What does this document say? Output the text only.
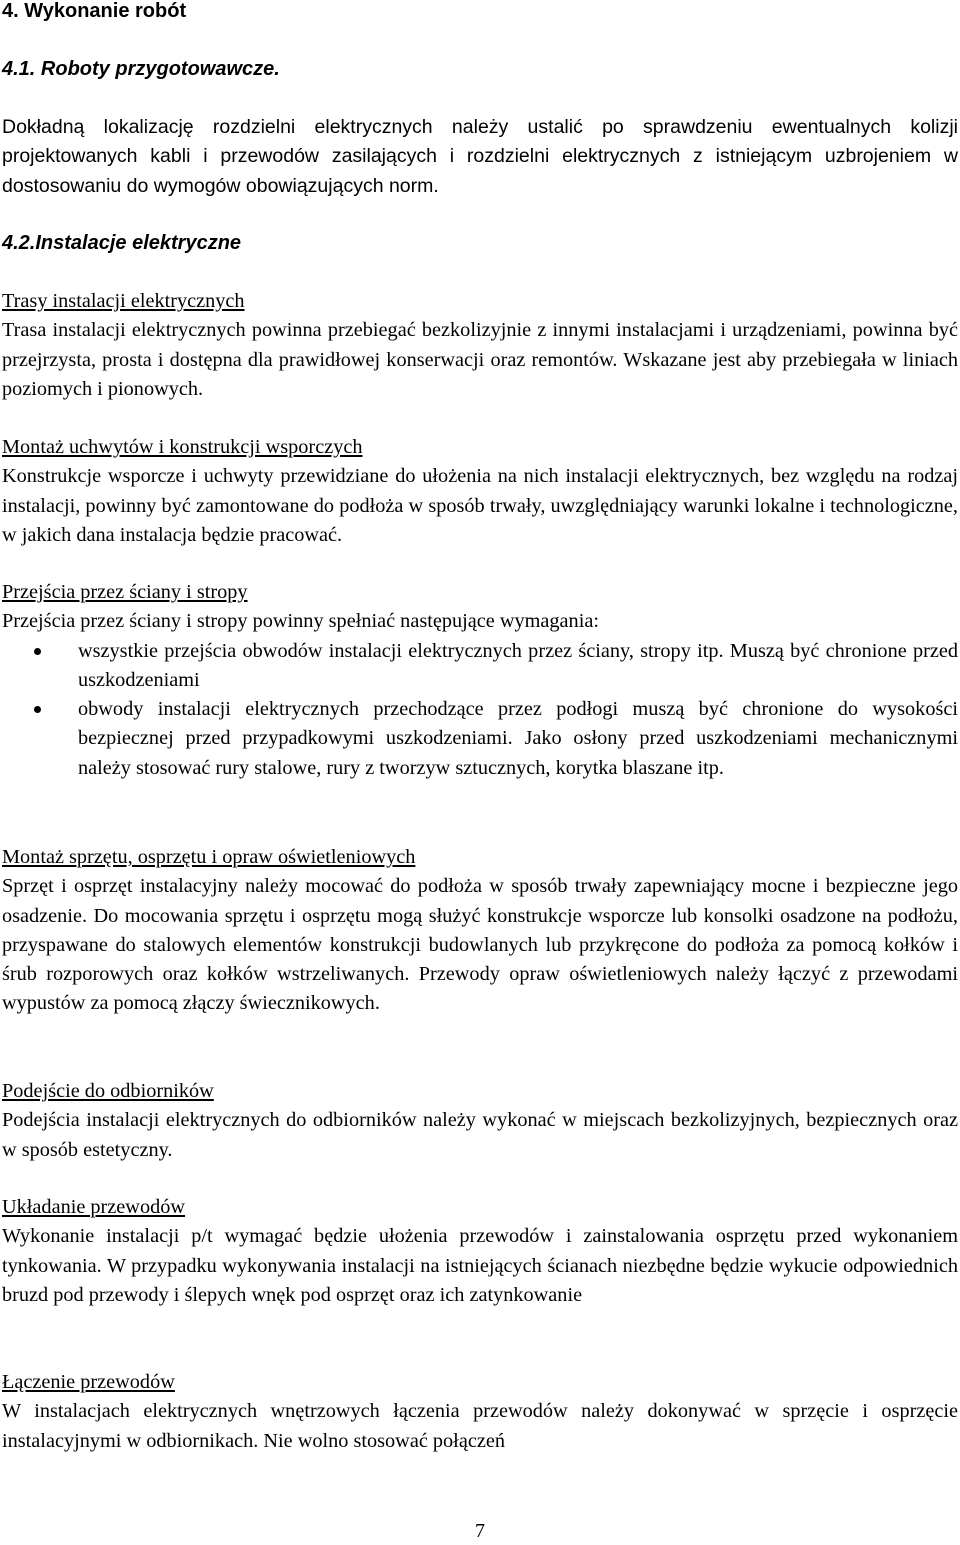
4. Wykonanie robót
4.1. Roboty przygotowawcze.

Dokładną lokalizację rozdzielni elektrycznych należy ustalić po sprawdzeniu ewentualnych kolizji projektowanych kabli i przewodów zasilających i rozdzielni elektrycznych z istniejącym uzbrojeniem w dostosowaniu do wymogów obowiązujących norm.

4.2.Instalacje elektryczne
Trasy instalacji elektrycznych
Trasa instalacji elektrycznych powinna przebiegać bezkolizyjnie z innymi instalacjami i urządzeniami, powinna być przejrzysta, prosta i dostępna dla prawidłowej konserwacji oraz remontów. Wskazane jest aby przebiegała w liniach poziomych i pionowych.
Montaż uchwytów i konstrukcji wsporczych
Konstrukcje wsporcze i uchwyty przewidziane do ułożenia na nich instalacji elektrycznych, bez względu na rodzaj instalacji, powinny być zamontowane do podłoża w sposób trwały, uwzględniający warunki lokalne i technologiczne, w jakich dana instalacja będzie pracować.
Przejścia przez ściany i stropy
Przejścia przez ściany i stropy powinny spełniać następujące wymagania:
wszystkie przejścia obwodów instalacji elektrycznych przez ściany, stropy itp. Muszą być chronione przed uszkodzeniami
obwody instalacji elektrycznych przechodzące przez podłogi muszą być chronione do wysokości bezpiecznej przed przypadkowymi uszkodzeniami. Jako osłony przed uszkodzeniami mechanicznymi należy stosować rury stalowe, rury z tworzyw sztucznych, korytka blaszane itp.
Montaż sprzętu, osprzętu i opraw oświetleniowych
Sprzęt i osprzęt instalacyjny należy mocować do podłoża w sposób trwały zapewniający mocne i bezpieczne jego osadzenie. Do mocowania sprzętu i osprzętu mogą służyć konstrukcje wsporcze lub konsolki osadzone na podłożu, przyspawane do stalowych elementów konstrukcji budowlanych lub przykręcone do podłoża za pomocą kołków i śrub rozporowych oraz kołków wstrzeliwanych. Przewody opraw oświetleniowych należy łączyć z przewodami wypustów za pomocą złączy świecznikowych.
Podejście do odbiorników
Podejścia instalacji elektrycznych do odbiorników należy wykonać w miejscach bezkolizyjnych, bezpiecznych oraz w sposób estetyczny.
Układanie przewodów
Wykonanie instalacji p/t wymagać będzie ułożenia przewodów i zainstalowania osprzętu przed wykonaniem tynkowania. W przypadku wykonywania instalacji na istniejących ścianach niezbędne będzie wykucie odpowiednich bruzd pod przewody i ślepych wnęk pod osprzęt oraz ich zatynkowanie
Łączenie przewodów
W instalacjach elektrycznych wnętrzowych łączenia przewodów należy dokonywać w sprzęcie i osprzęcie instalacyjnymi w odbiornikach. Nie wolno stosować połączeń
7
